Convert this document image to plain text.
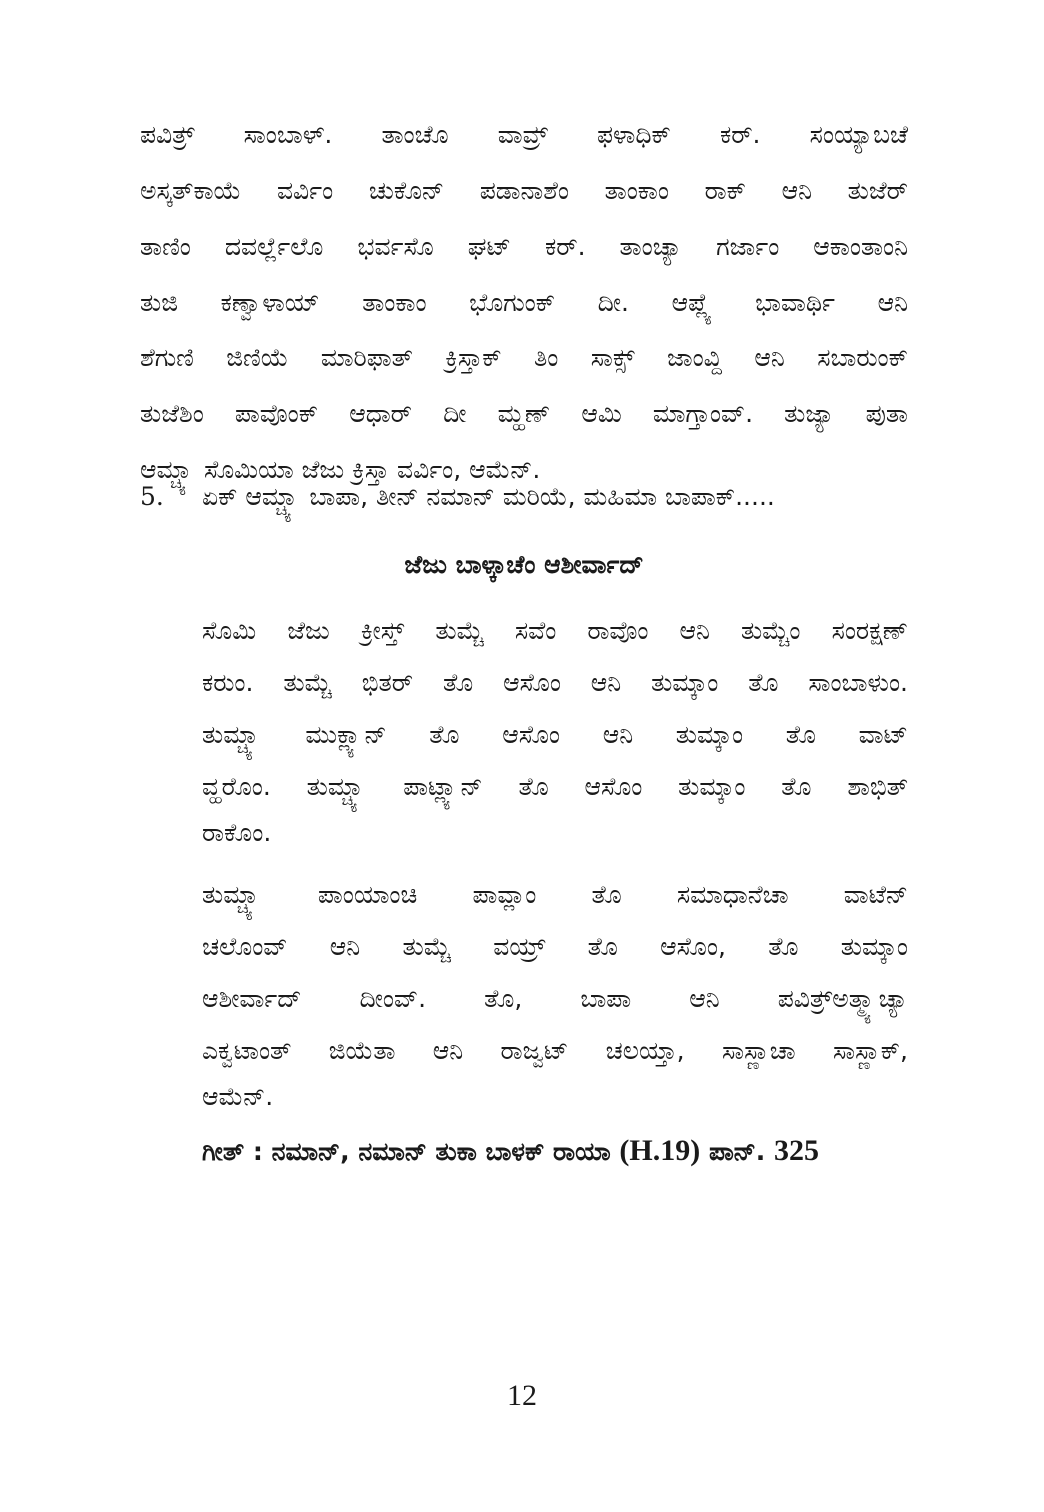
ಪವಿತ್ರ್ ಸಾಂಬಾಳ್. ತಾಂಚೊ ವಾವ್ರ್ ಫಳಾಧಿಕ್ ಕರ್. ಸಂಯ್ಯಾಬಚೆ
ಅಸ್ಕತ್‌ಕಾಯೆ ವರ್ವಿಂ ಚುಕೊನ್ ಪಡಾನಾಶೆಂ ತಾಂಕಾಂ ರಾಕ್ ಆನಿ ತುಜೆರ್
ತಾಣಿಂ ದವರ್ಲ್ಲೆಲೊ ಭರ್ವಸೊ ಘಟ್ ಕರ್. ತಾಂಚ್ಯಾ ಗರ್ಜಾಂ ಆಕಾಂತಾಂನಿ
ತುಜಿ ಕಣ್ವಾಳಾಯ್ ತಾಂಕಾಂ ಭೊಗುಂಕ್ ದೀ. ಆಪ್ಲ್ಯೆ ಭಾವಾರ್ಥಿ ಆನಿ
ಶೆಗುಣಿ ಜಿಣಿಯೆ ಮಾರಿಫಾತ್ ಕ್ರಿಸ್ತಾಕ್ ತಿಂ ಸಾಕ್ಸ್ ಜಾಂವ್ದಿ ಆನಿ ಸಬಾರುಂಕ್
ತುಜೆಶಿಂ ಪಾವೊಂಕ್ ಆಧಾರ್ ದೀ ಮ್ಹಣ್ ಆಮಿ ಮಾಗ್ತಾಂವ್. ತುಜ್ಯಾ ಪುತಾ
ಆಮ್ಚ್ಯಾ ಸೊಮಿಯಾ ಜೆಜು ಕ್ರಿಸ್ತಾ ವರ್ವಿಂ, ಆಮೆನ್.
5. ಏಕ್ ಆಮ್ಚ್ಯಾ ಬಾಪಾ, ತೀನ್ ನಮಾನ್ ಮರಿಯೆ, ಮಹಿಮಾ ಬಾಪಾಕ್.....
ಜೆಜು ಬಾಳ್ಕಾಚೆಂ ಆಶೀರ್ವಾದ್
ಸೊಮಿ ಜೆಜು ಕ್ರೀಸ್ತ್ ತುಮ್ಚೆ ಸವೆಂ ರಾವೊಂ ಆನಿ ತುಮ್ಚೆಂ ಸಂರಕ್ಷಣ್
ಕರುಂ. ತುಮ್ಚೆ ಭಿತರ್ ತೊ ಆಸೊಂ ಆನಿ ತುಮ್ಕಾಂ ತೊ ಸಾಂಬಾಳುಂ.
ತುಮ್ಚ್ಯಾ ಮುಕ್ಲ್ಯಾನ್ ತೊ ಆಸೊಂ ಆನಿ ತುಮ್ಕಾಂ ತೊ ವಾಟ್
ವ್ಹರೊಂ. ತುಮ್ಚ್ಯಾ ಪಾಟ್ಲ್ಯಾನ್ ತೊ ಆಸೊಂ ತುಮ್ಕಾಂ ತೊ ಶಾಭಿತ್
ರಾಕೊಂ.
ತುಮ್ಚ್ಯಾ ಪಾಂಯಾಂಚಿ ಪಾವ್ಲಾಂ ತೊ ಸಮಾಧಾನೆಚಾ ವಾಟೆನ್
ಚಲೊಂವ್ ಆನಿ ತುಮ್ಚೆ ವಯ್ರ್ ತೊ ಆಸೊಂ, ತೊ ತುಮ್ಕಾಂ
ಆಶೀರ್ವಾದ್ ದೀಂವ್. ತೊ, ಬಾಪಾ ಆನಿ ಪವಿತ್ರ್‌ಅತ್ಮ್ಯಾಚ್ಯಾ
ಎಕ್ವಟಾಂತ್ ಜಿಯೆತಾ ಆನಿ ರಾಜ್ವಟ್ ಚಲಯ್ತಾ, ಸಾಸ್ಣಾಚಾ ಸಾಸ್ಣಾಕ್,
ಆಮೆನ್.
ಗೀತ್ : ನಮಾನ್, ನಮಾನ್ ತುಕಾ ಬಾಳಕ್ ರಾಯಾ (H.19) ಪಾನ್. 325
12
